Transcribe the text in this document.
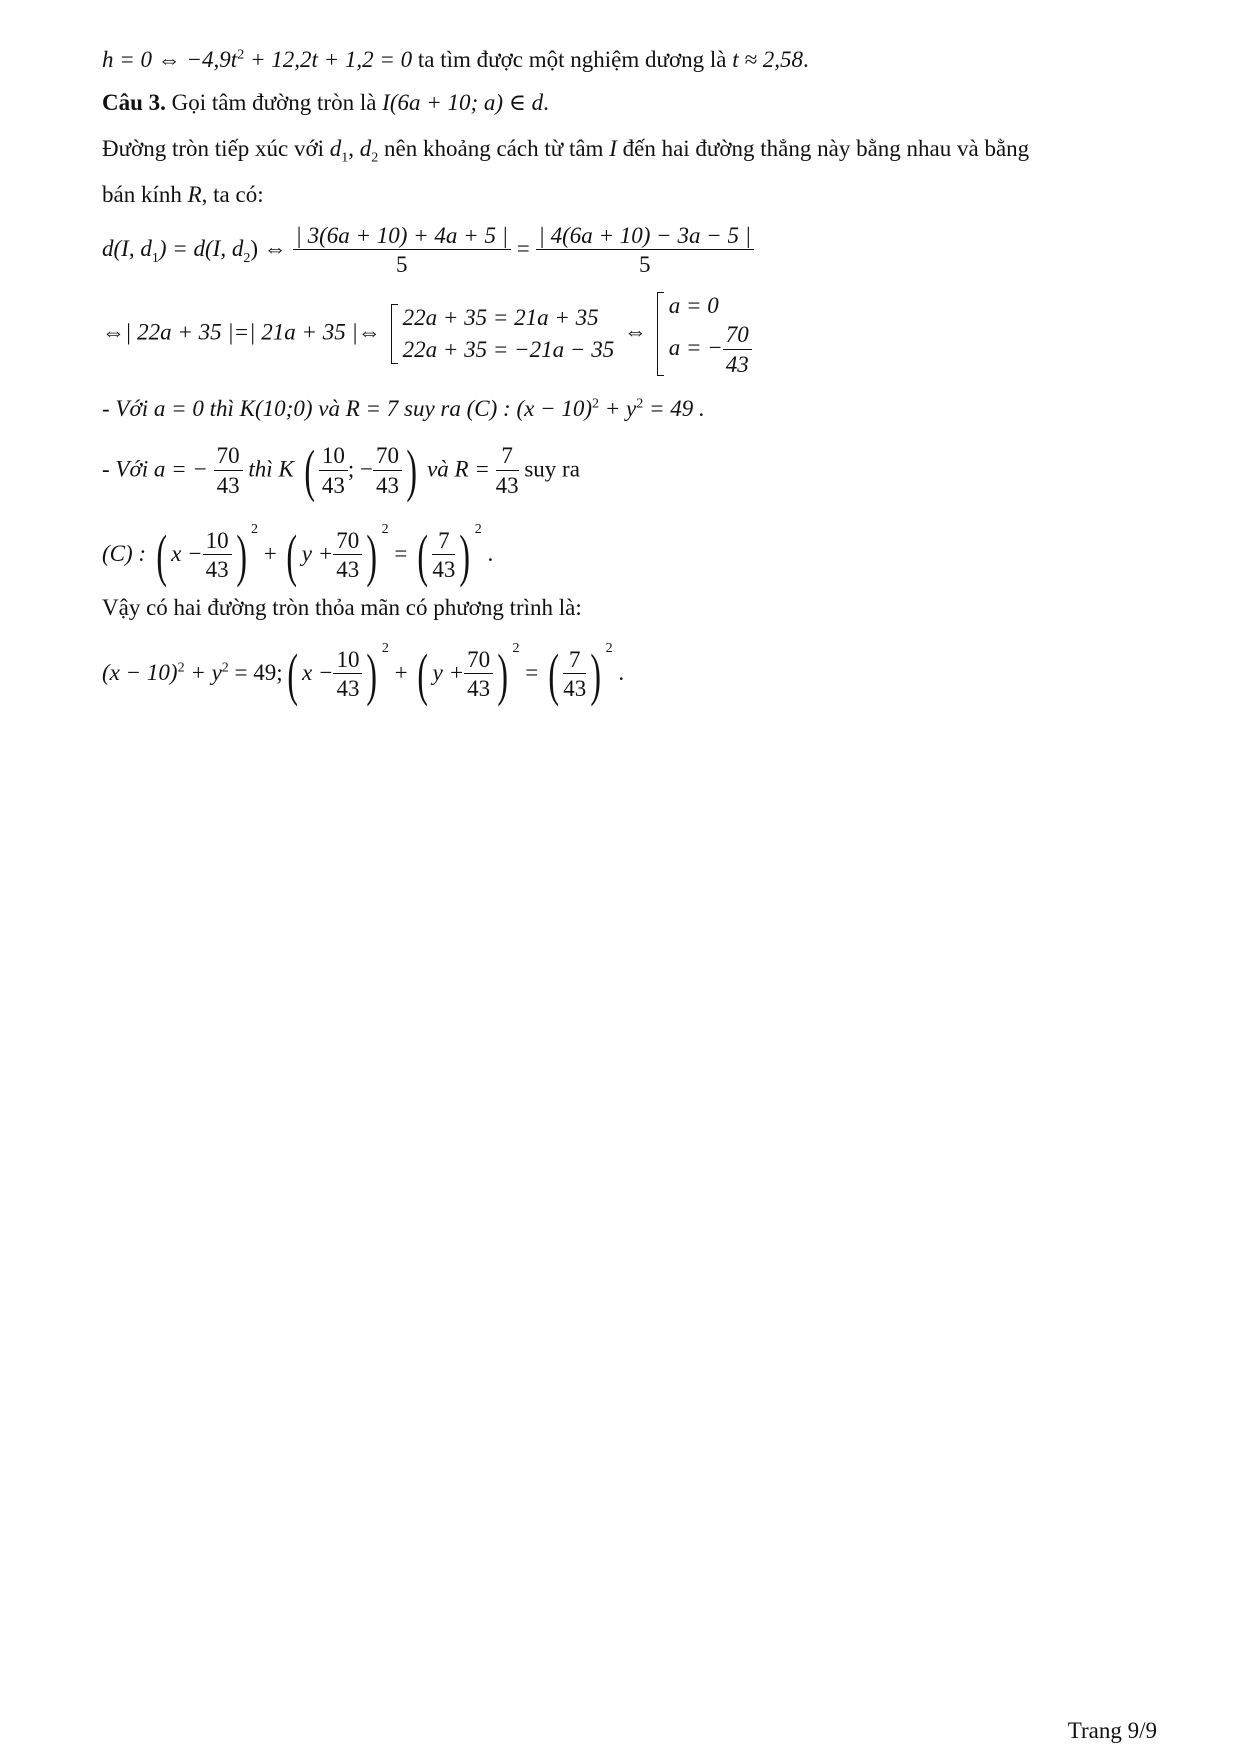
h = 0 ⇔ $-4,9t^2 + 12,2t + 1,2 = 0$ ta tìm được một nghiệm dương là t ≈ 2,58.
Câu 3. Gọi tâm đường tròn là I(6a + 10; a) ∈ d.
Đường tròn tiếp xúc với $d_1$, $d_2$ nên khoảng cách từ tâm I đến hai đường thẳng này bằng nhau và bằng
bán kính R, ta có:
d(I, $d_1) = d(I$, $d_2$) ⇔ $\frac{| 3(6a + 10) + 4a + 5 |}{5} = \frac{| 4(6a + 10) - 3a - 5 |}{5}$
⇔| 22a + 35 |=| 21a + 35 |⇔
22a + 35 = 21a + 35
22a + 35 = −21a − 35
⇔
a = 0
a = − $\frac{70}{43}$
- Với a = 0 thì K(10;0) và R = 7 suy ra (C) : $(x - 10)^2 + y^2 = 49$ .
- Với a = − $\frac{70}{43}$ thì K ( $\frac{10}{43}$ ; − $\frac{70}{43}$ ) và $R = \frac{7}{43}$ suy ra
(C) : ( $x - \frac{10}{43}$ ) $^2$ + ( $y + \frac{70}{43}$ ) $^2$ = ( $\frac{7}{43}$ ) $^2$ .
Vậy có hai đường tròn thỏa mãn có phương trình là:
$(x - 10)^2 + y^2$ = 49;( $x - \frac{10}{43}$ ) $^2$ + ( $y + \frac{70}{43}$ ) $^2$ = ( $\frac{7}{43}$ ) $^2$ .
Trang 9/9
